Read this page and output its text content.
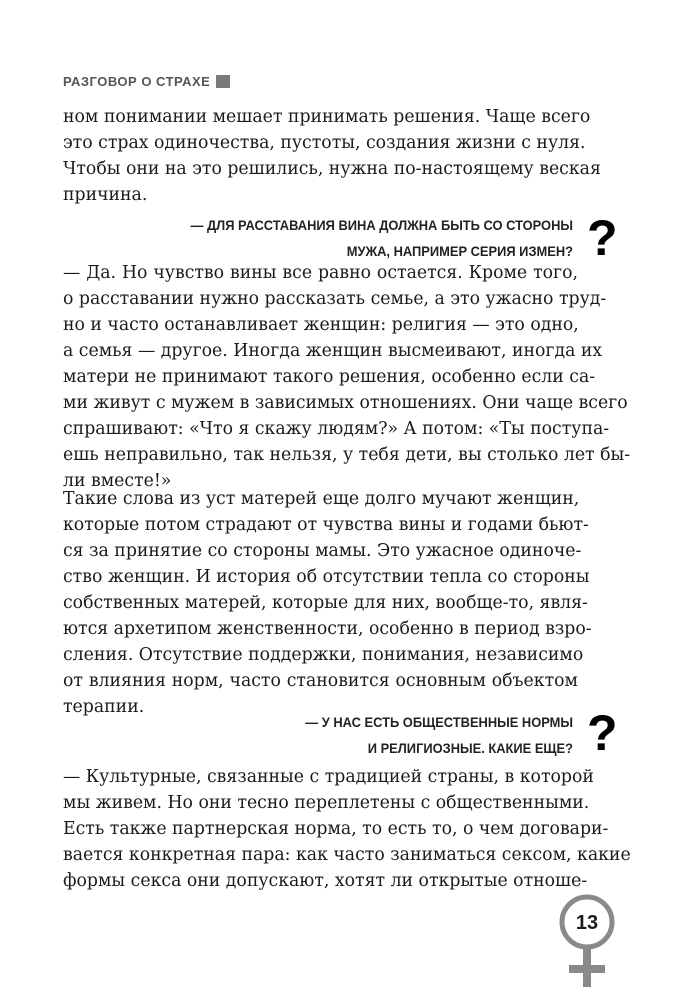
РАЗГОВОР О СТРАХЕ

ном понимании мешает принимать решения. Чаще всего
это страх одиночества, пустоты, создания жизни с нуля.
Чтобы они на это решились, нужна по-настоящему веская
причина.

— ДЛЯ РАССТАВАНИЯ ВИНА ДОЛЖНА БЫТЬ СО СТОРОНЫ
МУЖА, НАПРИМЕР СЕРИЯ ИЗМЕН? ?

— Да. Но чувство вины все равно остается. Кроме того,
о расставании нужно рассказать семье, а это ужасно труд-
но и часто останавливает женщин: религия — это одно,
а семья — другое. Иногда женщин высмеивают, иногда их
матери не принимают такого решения, особенно если са-
ми живут с мужем в зависимых отношениях. Они чаще всего
спрашивают: «Что я скажу людям?» А потом: «Ты поступа-
ешь неправильно, так нельзя, у тебя дети, вы столько лет бы-
ли вместе!»

Такие слова из уст матерей еще долго мучают женщин,
которые потом страдают от чувства вины и годами бьют-
ся за принятие со стороны мамы. Это ужасное одиноче-
ство женщин. И история об отсутствии тепла со стороны
собственных матерей, которые для них, вообще-то, явля-
ются архетипом женственности, особенно в период взро-
сления. Отсутствие поддержки, понимания, независимо
от влияния норм, часто становится основным объектом
терапии.

— У НАС ЕСТЬ ОБЩЕСТВЕННЫЕ НОРМЫ
И РЕЛИГИОЗНЫЕ. КАКИЕ ЕЩЕ? ?

— Культурные, связанные с традицией страны, в которой
мы живем. Но они тесно переплетены с общественными.
Есть также партнерская норма, то есть то, о чем договари-
вается конкретная пара: как часто заниматься сексом, какие
формы секса они допускают, хотят ли открытые отноше-

13
